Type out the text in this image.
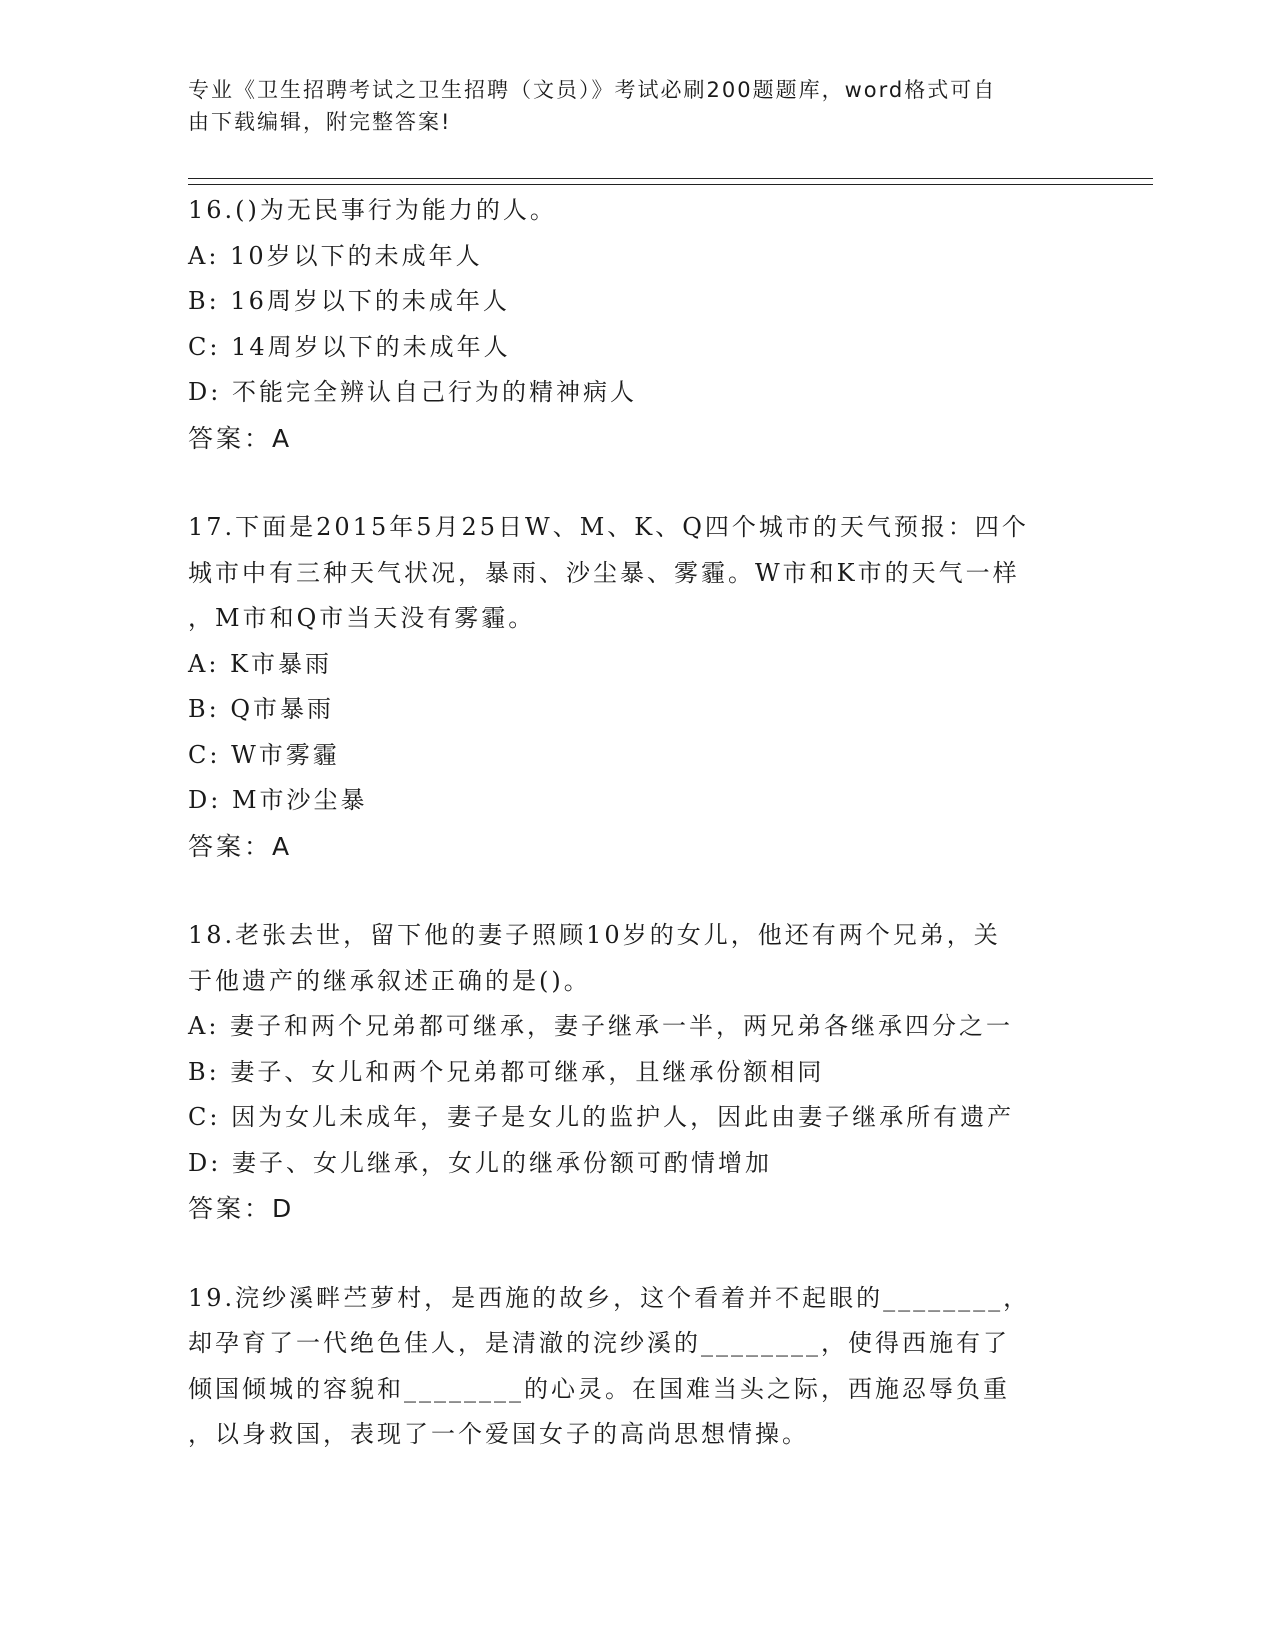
专业《卫生招聘考试之卫生招聘（文员）》考试必刷200题题库，word格式可自
由下载编辑，附完整答案!
16.()为无民事行为能力的人。
A: 10岁以下的未成年人
B: 16周岁以下的未成年人
C: 14周岁以下的未成年人
D: 不能完全辨认自己行为的精神病人
答案：A
17.下面是2015年5月25日W、M、K、Q四个城市的天气预报：四个
城市中有三种天气状况，暴雨、沙尘暴、雾霾。W市和K市的天气一样
，M市和Q市当天没有雾霾。
A: K市暴雨
B: Q市暴雨
C: W市雾霾
D: M市沙尘暴
答案：A
18.老张去世，留下他的妻子照顾10岁的女儿，他还有两个兄弟，关
于他遗产的继承叙述正确的是()。
A: 妻子和两个兄弟都可继承，妻子继承一半，两兄弟各继承四分之一
B: 妻子、女儿和两个兄弟都可继承，且继承份额相同
C: 因为女儿未成年，妻子是女儿的监护人，因此由妻子继承所有遗产
D: 妻子、女儿继承，女儿的继承份额可酌情增加
答案：D
19.浣纱溪畔苎萝村，是西施的故乡，这个看着并不起眼的________，
却孕育了一代绝色佳人，是清澈的浣纱溪的________，使得西施有了
倾国倾城的容貌和________的心灵。在国难当头之际，西施忍辱负重
，以身救国，表现了一个爱国女子的高尚思想情操。
